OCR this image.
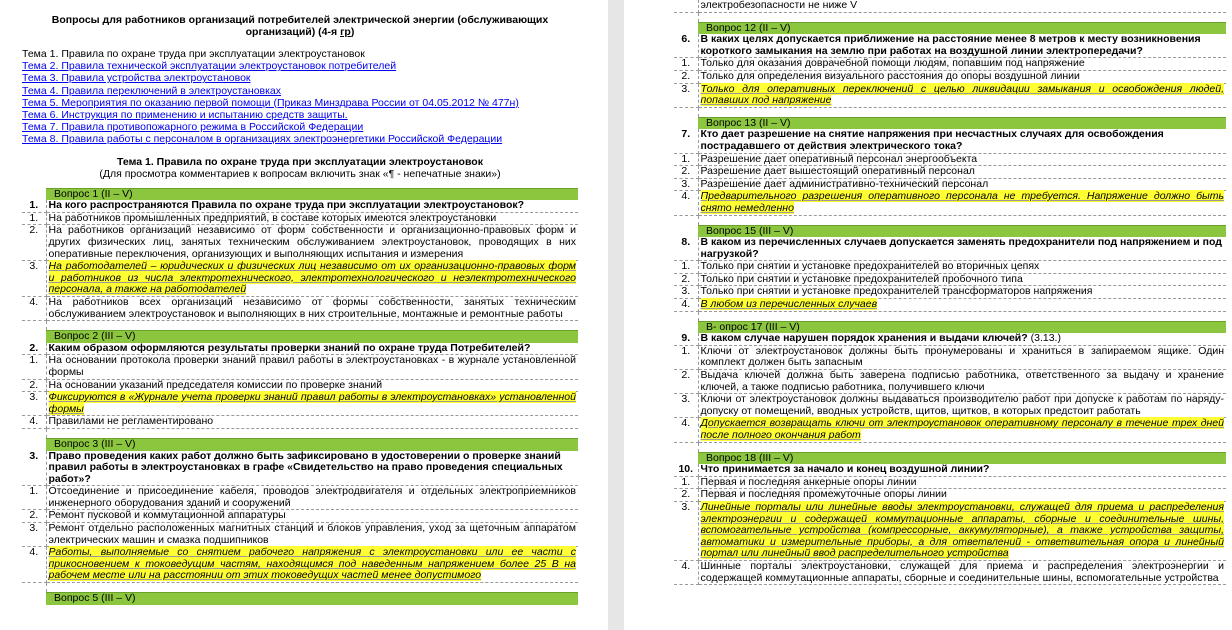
Вопросы для работников организаций потребителей электрической энергии (обслуживающих организаций) (4-я гр)
Тема 1. Правила по охране труда при эксплуатации электроустановок
Тема 2. Правила технической эксплуатации электроустановок потребителей
Тема 3. Правила устройства электроустановок
Тема 4. Правила переключений в электроустановках
Тема 5. Мероприятия по оказанию первой помощи (Приказ Минздрава России от 04.05.2012 № 477н)
Тема 6. Инструкция по применению и испытанию средств защиты.
Тема 7. Правила противопожарного режима в Российской Федерации
Тема 8. Правила работы с персоналом в организациях электроэнергетики Российской Федерации
Тема 1. Правила по охране труда при эксплуатации электроустановок
(Для просмотра комментариев к вопросам включить знак «¶ - непечатные знаки»)
	Вопрос 1 (II – V)
1.	На кого распространяются Правила по охране труда при эксплуатации электроустановок?
1.	На работников промышленных предприятий, в составе которых имеются электроустановки
2.	На работников организаций независимо от форм собственности и организационно-правовых форм и других физических лиц, занятых техническим обслуживанием электроустановок, проводящих в них оперативные переключения, организующих и выполняющих испытания и измерения
3.	На работодателей – юридических и физических лиц независимо от их организационно-правовых форм и работников из числа электротехнического, электротехнологического и неэлектротехнического персонала, а также на работодателей
4.	На работников всех организаций независимо от формы собственности, занятых техническим обслуживанием электроустановок и выполняющих в них строительные, монтажные и ремонтные работы

	Вопрос 2 (III – V)
2.	Каким образом оформляются результаты проверки знаний по охране труда Потребителей?
1.	На основании протокола проверки знаний правил работы в электроустановках - в журнале установленной формы
2.	На основании указаний председателя комиссии по проверке знаний
3.	Фиксируются в «Журнале учета проверки знаний правил работы в электроустановках» установленной формы
4.	Правилами не регламентировано

	Вопрос 3 (III – V)
3.	Право проведения каких работ должно быть зафиксировано в удостоверении о проверке знаний правил работы в электроустановках в графе «Свидетельство на право проведения специальных работ»?
1.	Отсоединение и присоединение кабеля, проводов электродвигателя и отдельных электроприемников инженерного оборудования зданий и сооружений
2.	Ремонт пусковой и коммутационной аппаратуры
3.	Ремонт отдельно расположенных магнитных станций и блоков управления, уход за щеточным аппаратом электрических машин и смазка подшипников
4.	Работы, выполняемые со снятием рабочего напряжения с электроустановки или ее части с прикосновением к токоведущим частям, находящимся под наведенным напряжением более 25 В на рабочем месте или на расстоянии от этих токоведущих частей менее допустимого

	Вопрос 5 (III – V)
	электробезопасности не ниже V

	Вопрос 12 (II – V)
6.	В каких целях допускается приближение на расстояние менее 8 метров к месту возникновения короткого замыкания на землю при работах на воздушной линии электропередачи?
1.	Только для оказания доврачебной помощи людям, попавшим под напряжение
2.	Только для определения визуального расстояния до опоры воздушной линии
3.	Только для оперативных переключений с целью ликвидации замыкания и освобождения людей, попавших под напряжение

	Вопрос 13 (II – V)
7.	Кто дает разрешение на снятие напряжения при несчастных случаях для освобождения пострадавшего от действия электрического тока?
1.	Разрешение дает оперативный персонал энергообъекта
2.	Разрешение дает вышестоящий оперативный персонал
3.	Разрешение дает административно-технический персонал
4.	Предварительного разрешения оперативного персонала не требуется. Напряжение должно быть снято немедленно

	Вопрос 15 (III – V)
8.	В каком из перечисленных случаев допускается заменять предохранители под напряжением и под нагрузкой?
1.	Только при снятии и установке предохранителей во вторичных цепях
2.	Только при снятии и установке предохранителей пробочного типа
3.	Только при снятии и установке предохранителей трансформаторов напряжения
4.	В любом из перечисленных случаев

	В- опрос 17 (III – V)
9.	В каком случае нарушен порядок хранения и выдачи ключей? (3.13.)
1.	Ключи от электроустановок должны быть пронумерованы и храниться в запираемом ящике. Один комплект должен быть запасным
2.	Выдача ключей должна быть заверена подписью работника, ответственного за выдачу и хранение ключей, а также подписью работника, получившего ключи
3.	Ключи от электроустановок должны выдаваться производителю работ при допуске к работам по наряду-допуску от помещений, вводных устройств, щитов, щитков, в которых предстоит работать
4.	Допускается возвращать ключи от электроустановок оперативному персоналу в течение трех дней после полного окончания работ

	Вопрос 18 (III – V)
10.	Что принимается за начало и конец воздушной линии?
1.	Первая и последняя анкерные опоры линии
2.	Первая и последняя промежуточные опоры линии
3.	Линейные порталы или линейные вводы электроустановки, служащей для приема и распределения электроэнергии и содержащей коммутационные аппараты, сборные и соединительные шины, вспомогательные устройства (компрессорные, аккумуляторные), а также устройства защиты, автоматики и измерительные приборы, а для ответвлений - ответвительная опора и линейный портал или линейный ввод распределительного устройства
4.	Шинные порталы электроустановки, служащей для приема и распределения электроэнергии и содержащей коммутационные аппараты, сборные и соединительные шины, вспомогательные устройства
